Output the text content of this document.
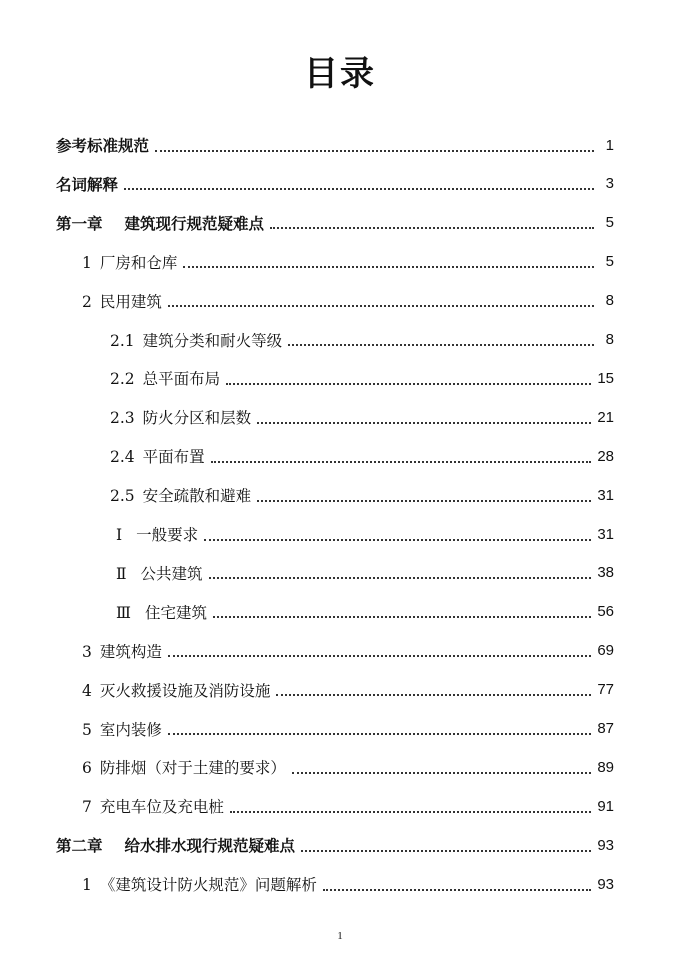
目录
参考标准规范	1
名词解释	3
第一章 建筑现行规范疑难点	5
1 厂房和仓库	5
2 民用建筑	8
2.1 建筑分类和耐火等级	8
2.2 总平面布局	15
2.3 防火分区和层数	21
2.4 平面布置	28
2.5 安全疏散和避难	31
Ⅰ 一般要求	31
Ⅱ 公共建筑	38
Ⅲ 住宅建筑	56
3 建筑构造	69
4 灭火救援设施及消防设施	77
5 室内装修	87
6 防排烟（对于土建的要求）	89
7 充电车位及充电桩	91
第二章 给水排水现行规范疑难点	93
1 《建筑设计防火规范》问题解析	93
1
